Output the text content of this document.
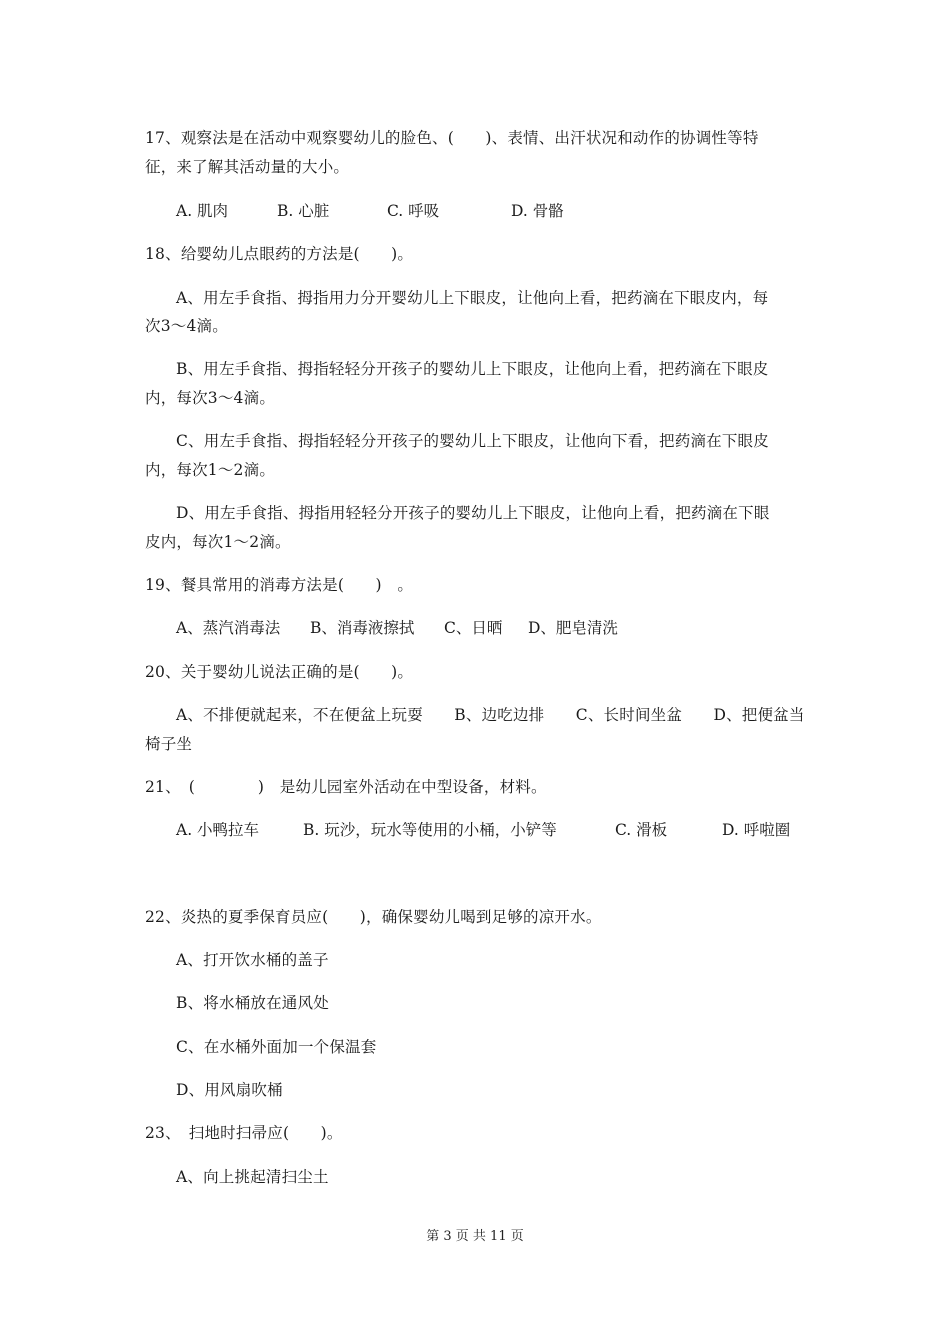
17、观察法是在活动中观察婴幼儿的脸色、(　　)、表情、出汗状况和动作的协调性等特
征，来了解其活动量的大小。
A. 肌肉	B. 心脏	C. 呼吸	D. 骨骼
18、给婴幼儿点眼药的方法是(　　)。
A、用左手食指、拇指用力分开婴幼儿上下眼皮，让他向上看，把药滴在下眼皮内，每
次3～4滴。
B、用左手食指、拇指轻轻分开孩子的婴幼儿上下眼皮，让他向上看，把药滴在下眼皮
内，每次3～4滴。
C、用左手食指、拇指轻轻分开孩子的婴幼儿上下眼皮，让他向下看，把药滴在下眼皮
内，每次1～2滴。
D、用左手食指、拇指用轻轻分开孩子的婴幼儿上下眼皮，让他向上看，把药滴在下眼
皮内，每次1～2滴。
19、餐具常用的消毒方法是(　　)　。
A、蒸汽消毒法 B、消毒液擦拭 C、日晒 D、肥皂清洗
20、关于婴幼儿说法正确的是(　　)。
A、不排便就起来，不在便盆上玩耍　　B、边吃边排　　C、长时间坐盆　　D、把便盆当
椅子坐
21、　(　　　　)　是幼儿园室外活动在中型设备，材料。
A. 小鸭拉车	B. 玩沙，玩水等使用的小桶，小铲等	C. 滑板	D. 呼啦圈
22、炎热的夏季保育员应(　　)，确保婴幼儿喝到足够的凉开水。
A、打开饮水桶的盖子
B、将水桶放在通风处
C、在水桶外面加一个保温套
D、用风扇吹桶
23、　扫地时扫帚应(　　)。
A、向上挑起清扫尘土
第 3 页 共 11 页
